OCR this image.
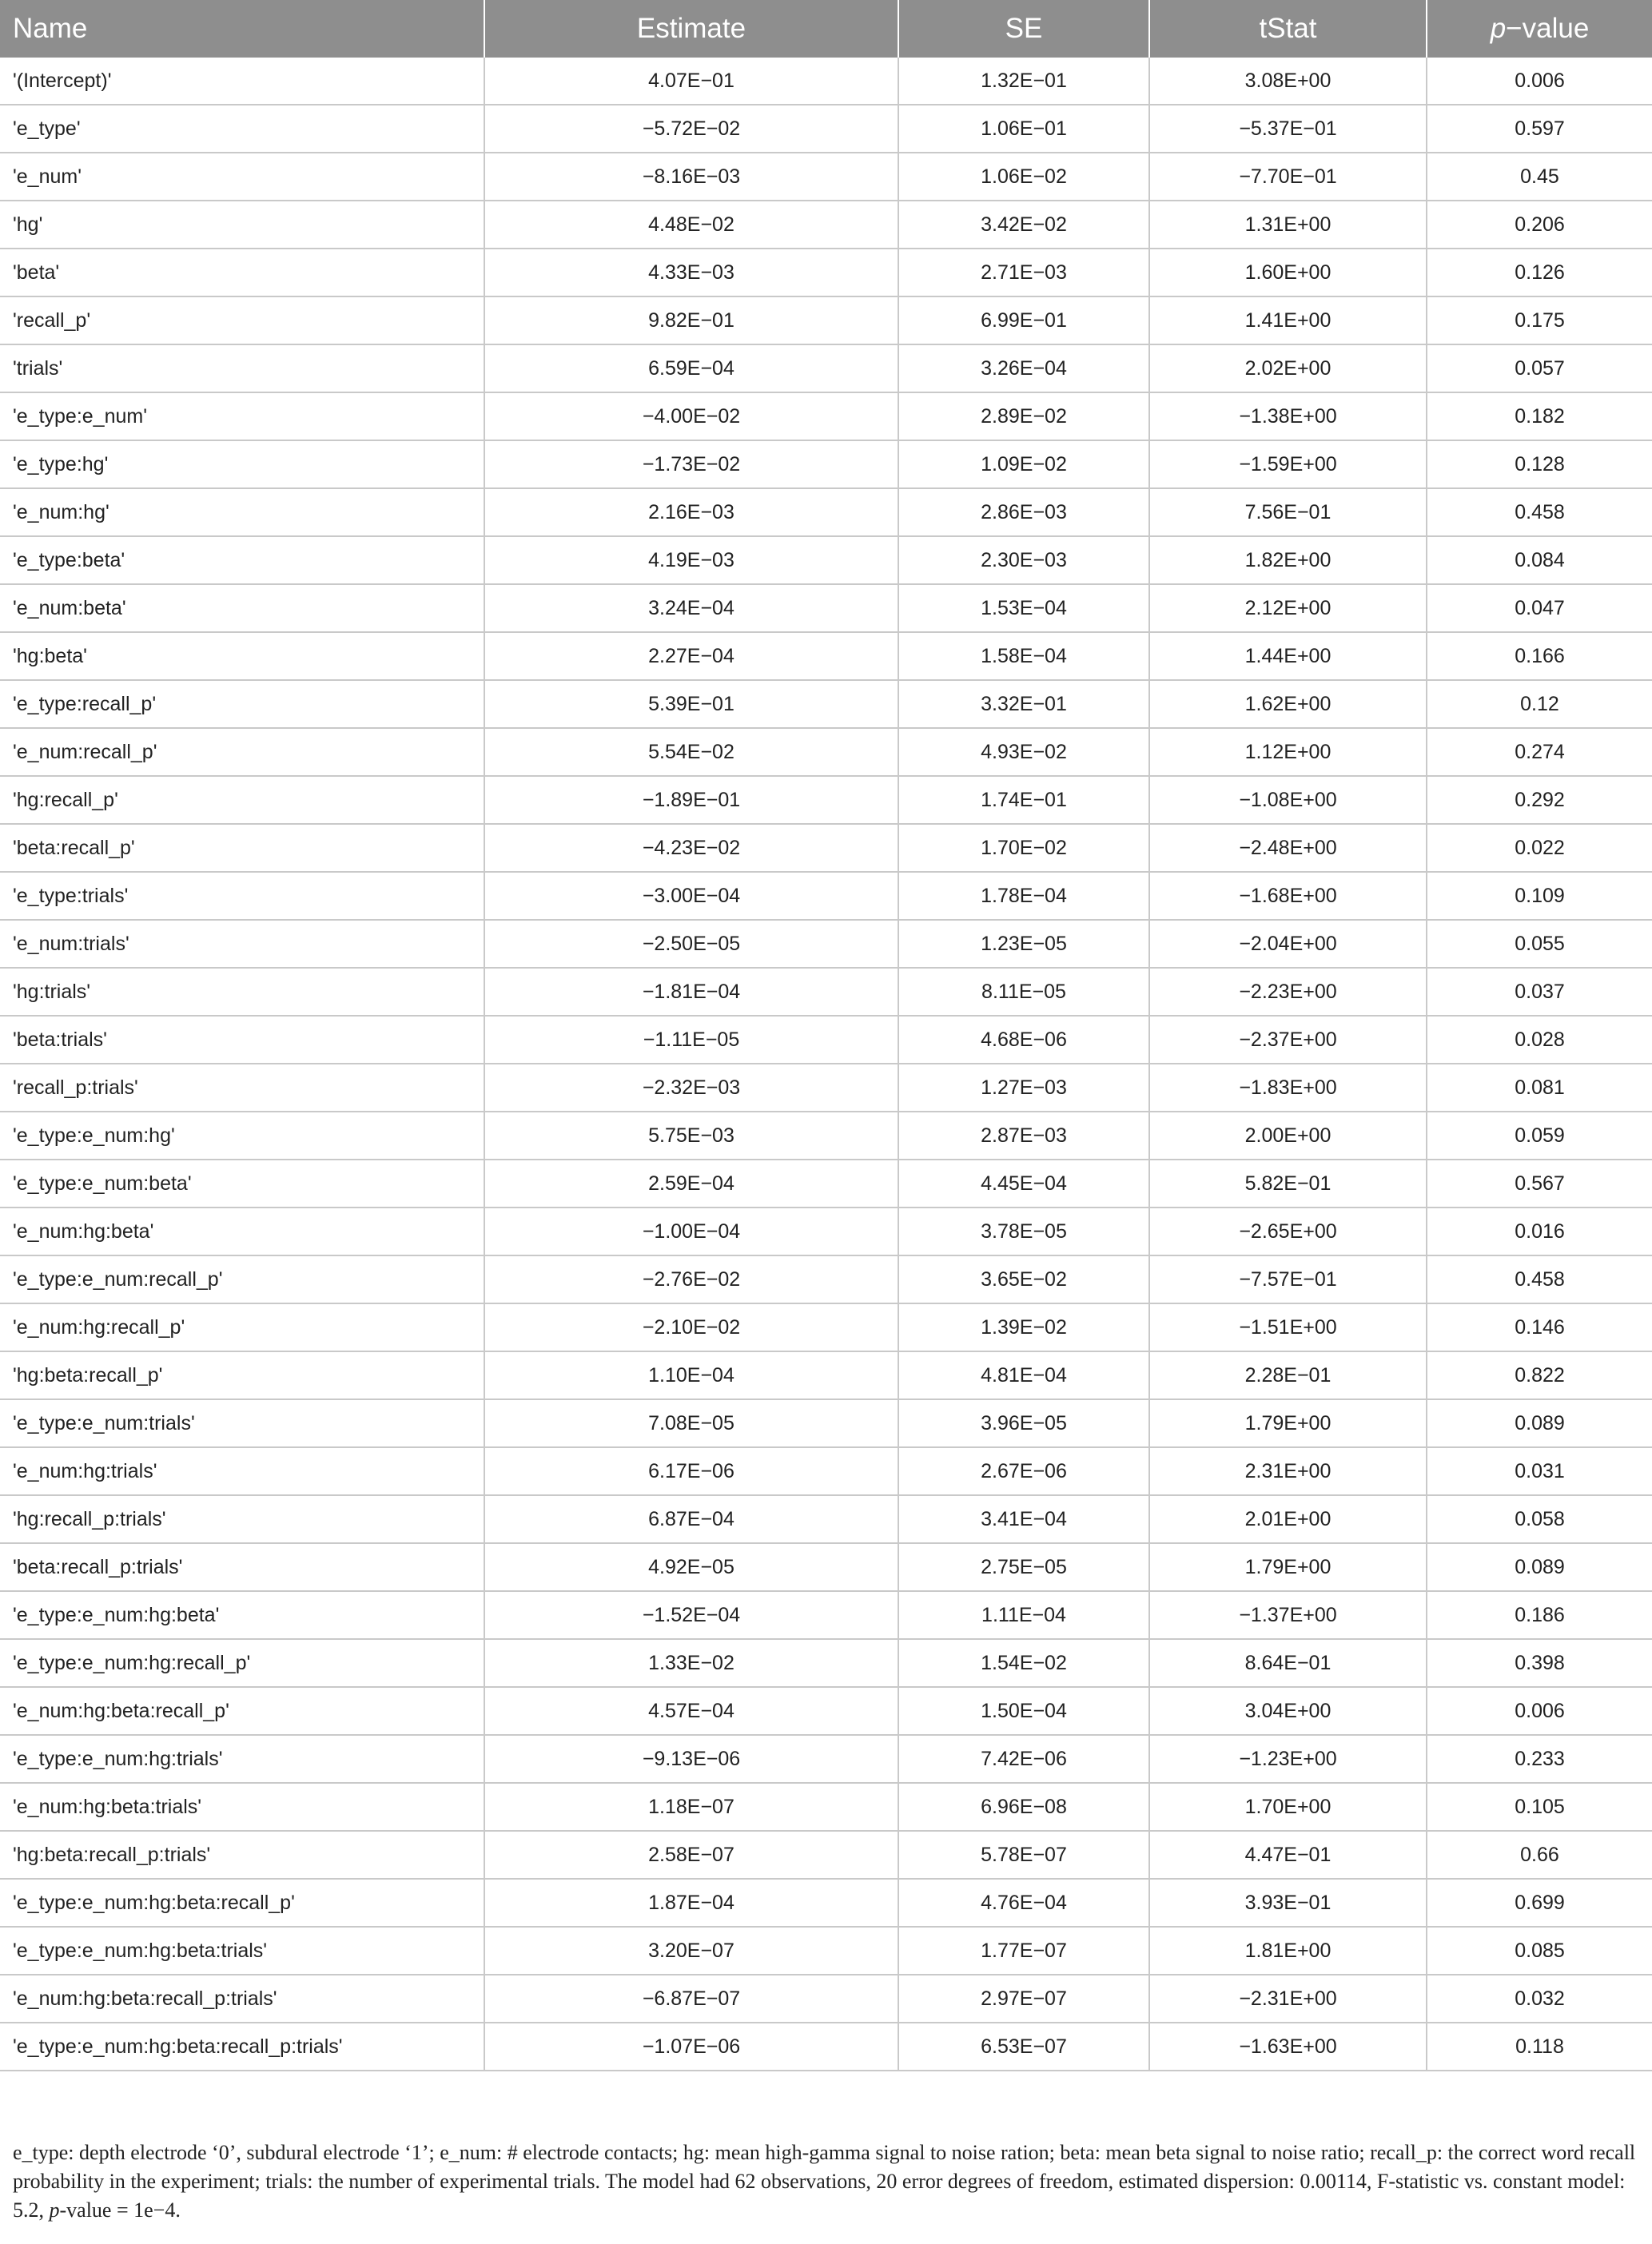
Name	Estimate	SE	tStat	p−value
'(Intercept)'	4.07E−01	1.32E−01	3.08E+00	0.006
'e_type'	−5.72E−02	1.06E−01	−5.37E−01	0.597
'e_num'	−8.16E−03	1.06E−02	−7.70E−01	0.45
'hg'	4.48E−02	3.42E−02	1.31E+00	0.206
'beta'	4.33E−03	2.71E−03	1.60E+00	0.126
'recall_p'	9.82E−01	6.99E−01	1.41E+00	0.175
'trials'	6.59E−04	3.26E−04	2.02E+00	0.057
'e_type:e_num'	−4.00E−02	2.89E−02	−1.38E+00	0.182
'e_type:hg'	−1.73E−02	1.09E−02	−1.59E+00	0.128
'e_num:hg'	2.16E−03	2.86E−03	7.56E−01	0.458
'e_type:beta'	4.19E−03	2.30E−03	1.82E+00	0.084
'e_num:beta'	3.24E−04	1.53E−04	2.12E+00	0.047
'hg:beta'	2.27E−04	1.58E−04	1.44E+00	0.166
'e_type:recall_p'	5.39E−01	3.32E−01	1.62E+00	0.12
'e_num:recall_p'	5.54E−02	4.93E−02	1.12E+00	0.274
'hg:recall_p'	−1.89E−01	1.74E−01	−1.08E+00	0.292
'beta:recall_p'	−4.23E−02	1.70E−02	−2.48E+00	0.022
'e_type:trials'	−3.00E−04	1.78E−04	−1.68E+00	0.109
'e_num:trials'	−2.50E−05	1.23E−05	−2.04E+00	0.055
'hg:trials'	−1.81E−04	8.11E−05	−2.23E+00	0.037
'beta:trials'	−1.11E−05	4.68E−06	−2.37E+00	0.028
'recall_p:trials'	−2.32E−03	1.27E−03	−1.83E+00	0.081
'e_type:e_num:hg'	5.75E−03	2.87E−03	2.00E+00	0.059
'e_type:e_num:beta'	2.59E−04	4.45E−04	5.82E−01	0.567
'e_num:hg:beta'	−1.00E−04	3.78E−05	−2.65E+00	0.016
'e_type:e_num:recall_p'	−2.76E−02	3.65E−02	−7.57E−01	0.458
'e_num:hg:recall_p'	−2.10E−02	1.39E−02	−1.51E+00	0.146
'hg:beta:recall_p'	1.10E−04	4.81E−04	2.28E−01	0.822
'e_type:e_num:trials'	7.08E−05	3.96E−05	1.79E+00	0.089
'e_num:hg:trials'	6.17E−06	2.67E−06	2.31E+00	0.031
'hg:recall_p:trials'	6.87E−04	3.41E−04	2.01E+00	0.058
'beta:recall_p:trials'	4.92E−05	2.75E−05	1.79E+00	0.089
'e_type:e_num:hg:beta'	−1.52E−04	1.11E−04	−1.37E+00	0.186
'e_type:e_num:hg:recall_p'	1.33E−02	1.54E−02	8.64E−01	0.398
'e_num:hg:beta:recall_p'	4.57E−04	1.50E−04	3.04E+00	0.006
'e_type:e_num:hg:trials'	−9.13E−06	7.42E−06	−1.23E+00	0.233
'e_num:hg:beta:trials'	1.18E−07	6.96E−08	1.70E+00	0.105
'hg:beta:recall_p:trials'	2.58E−07	5.78E−07	4.47E−01	0.66
'e_type:e_num:hg:beta:recall_p'	1.87E−04	4.76E−04	3.93E−01	0.699
'e_type:e_num:hg:beta:trials'	3.20E−07	1.77E−07	1.81E+00	0.085
'e_num:hg:beta:recall_p:trials'	−6.87E−07	2.97E−07	−2.31E+00	0.032
'e_type:e_num:hg:beta:recall_p:trials'	−1.07E−06	6.53E−07	−1.63E+00	0.118
e_type: depth electrode ‘0’, subdural electrode ‘1’; e_num: # electrode contacts; hg: mean high-gamma signal to noise ration; beta: mean beta signal to noise ratio; recall_p: the correct word recall probability in the experiment; trials: the number of experimental trials. The model had 62 observations, 20 error degrees of freedom, estimated dispersion: 0.00114, F-statistic vs. constant model: 5.2, p-value = 1e−4.
